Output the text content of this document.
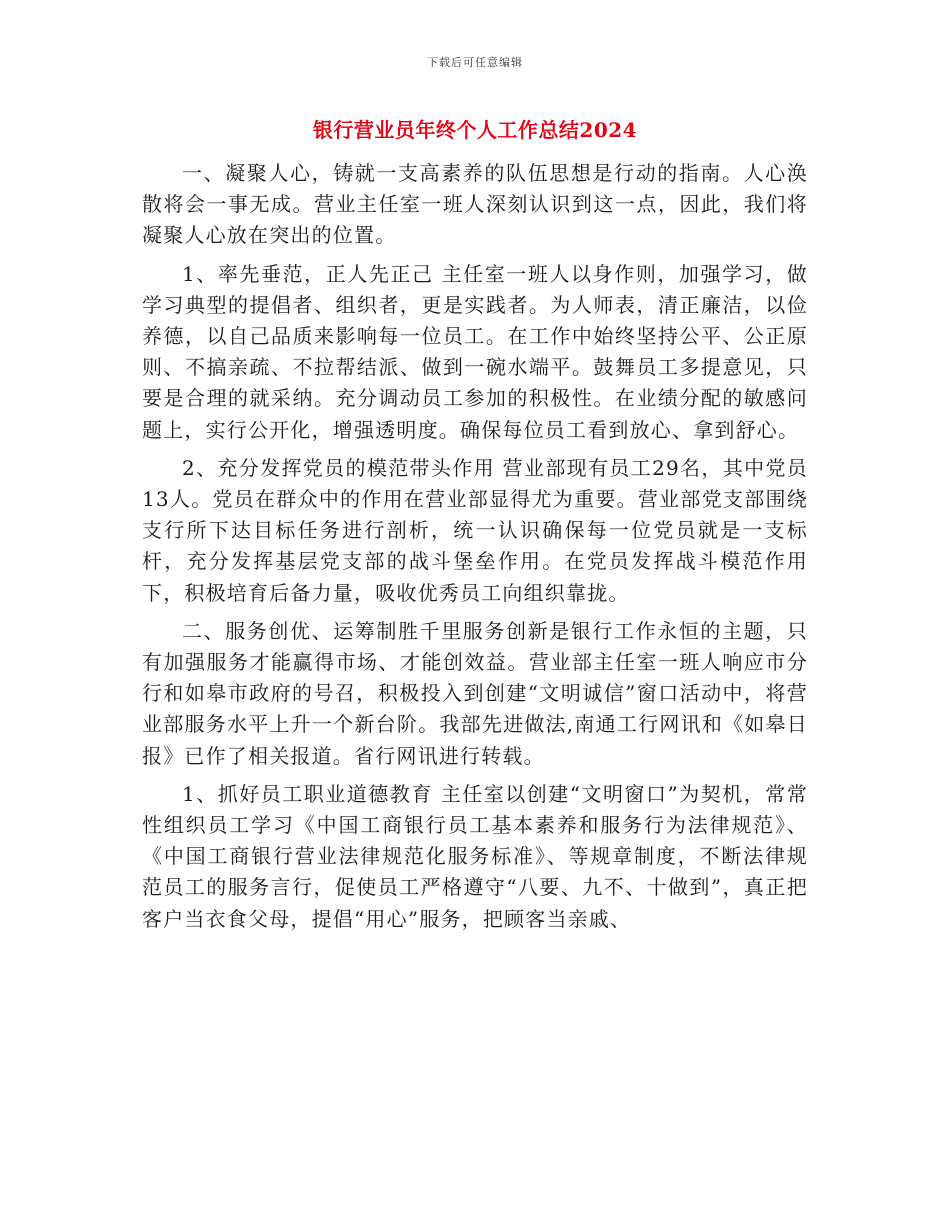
下载后可任意编辑
银行营业员年终个人工作总结2024

一、凝聚人心，铸就一支高素养的队伍思想是行动的指南。人心涣散将会一事无成。营业主任室一班人深刻认识到这一点，因此，我们将凝聚人心放在突出的位置。

1、率先垂范，正人先正己 主任室一班人以身作则，加强学习，做学习典型的提倡者、组织者，更是实践者。为人师表，清正廉洁，以俭养德，以自己品质来影响每一位员工。在工作中始终坚持公平、公正原则、不搞亲疏、不拉帮结派、做到一碗水端平。鼓舞员工多提意见，只要是合理的就采纳。充分调动员工参加的积极性。在业绩分配的敏感问题上，实行公开化，增强透明度。确保每位员工看到放心、拿到舒心。

2、充分发挥党员的模范带头作用 营业部现有员工29名，其中党员13人。党员在群众中的作用在营业部显得尤为重要。营业部党支部围绕支行所下达目标任务进行剖析，统一认识确保每一位党员就是一支标杆，充分发挥基层党支部的战斗堡垒作用。在党员发挥战斗模范作用下，积极培育后备力量，吸收优秀员工向组织靠拢。

二、服务创优、运筹制胜千里服务创新是银行工作永恒的主题，只有加强服务才能赢得市场、才能创效益。营业部主任室一班人响应市分行和如皋市政府的号召，积极投入到创建“文明诚信”窗口活动中，将营业部服务水平上升一个新台阶。我部先进做法,南通工行网讯和《如皋日报》已作了相关报道。省行网讯进行转载。

1、抓好员工职业道德教育 主任室以创建“文明窗口”为契机，常常性组织员工学习《中国工商银行员工基本素养和服务行为法律规范》、《中国工商银行营业法律规范化服务标准》、等规章制度，不断法律规范员工的服务言行，促使员工严格遵守“八要、九不、十做到”，真正把客户当衣食父母，提倡“用心”服务，把顾客当亲戚、
